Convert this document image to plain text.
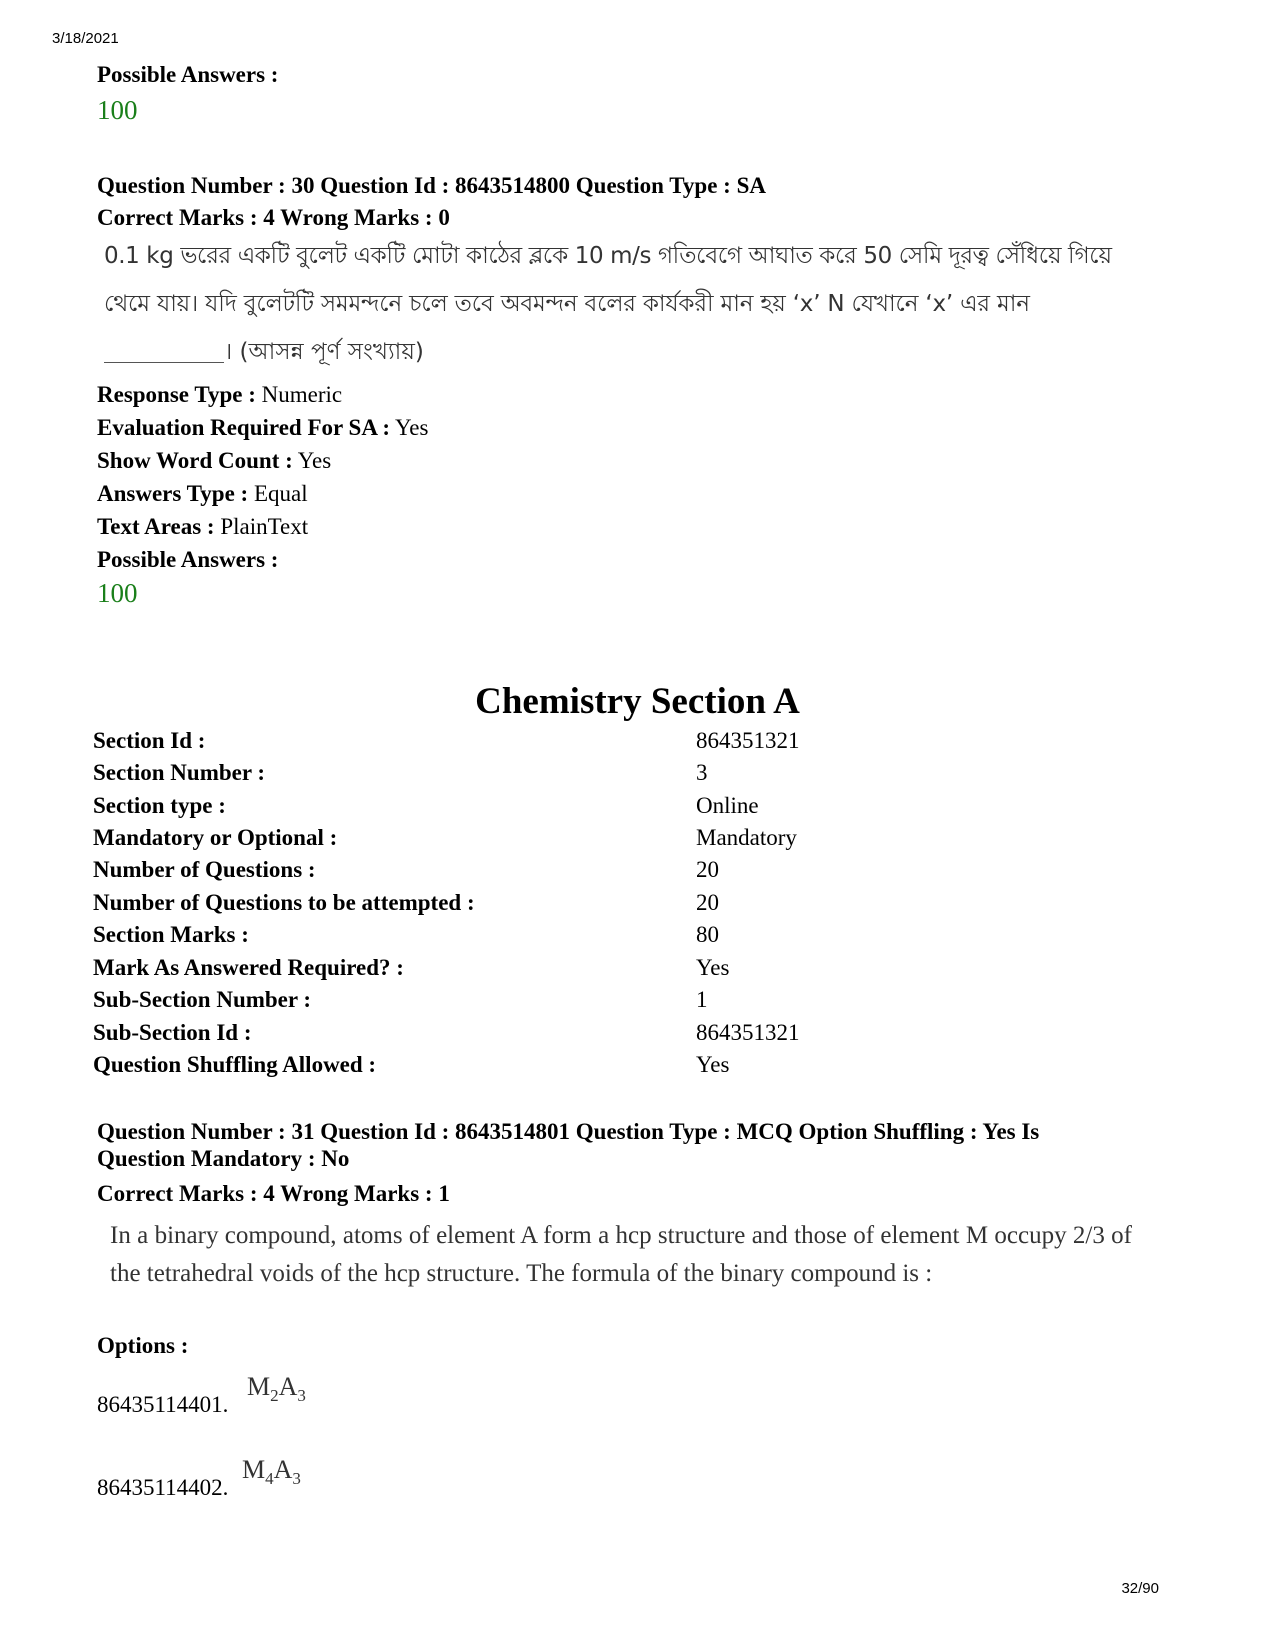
3/18/2021
Possible Answers :
100
Question Number : 30 Question Id : 8643514800 Question Type : SA
Correct Marks : 4 Wrong Marks : 0
0.1 kg ভরের একটি বুলেট একটি মোটা কাঠের ব্লকে 10 m/s গতিবেগে আঘাত করে 50 সেমি দূরত্ব সেঁধিয়ে গিয়ে
থেমে যায়। যদি বুলেটটি সমমন্দনে চলে তবে অবমন্দন বলের কার্যকরী মান হয় ‘x’ N যেখানে ‘x’ এর মান
। (আসন্ন পূর্ণ সংখ্যায়)
Response Type : Numeric
Evaluation Required For SA : Yes
Show Word Count : Yes
Answers Type : Equal
Text Areas : PlainText
Possible Answers :
100
Chemistry Section A
Section Id :	864351321
Section Number :	3
Section type :	Online
Mandatory or Optional :	Mandatory
Number of Questions :	20
Number of Questions to be attempted :	20
Section Marks :	80
Mark As Answered Required? :	Yes
Sub-Section Number :	1
Sub-Section Id :	864351321
Question Shuffling Allowed :	Yes
Question Number : 31 Question Id : 8643514801 Question Type : MCQ Option Shuffling : Yes Is
Question Mandatory : No
Correct Marks : 4 Wrong Marks : 1
In a binary compound, atoms of element A form a hcp structure and those of element M occupy 2/3 of the tetrahedral voids of the hcp structure. The formula of the binary compound is :
Options :
86435114401.
$M_2A_3$
86435114402.
$M_4A_3$
32/90
